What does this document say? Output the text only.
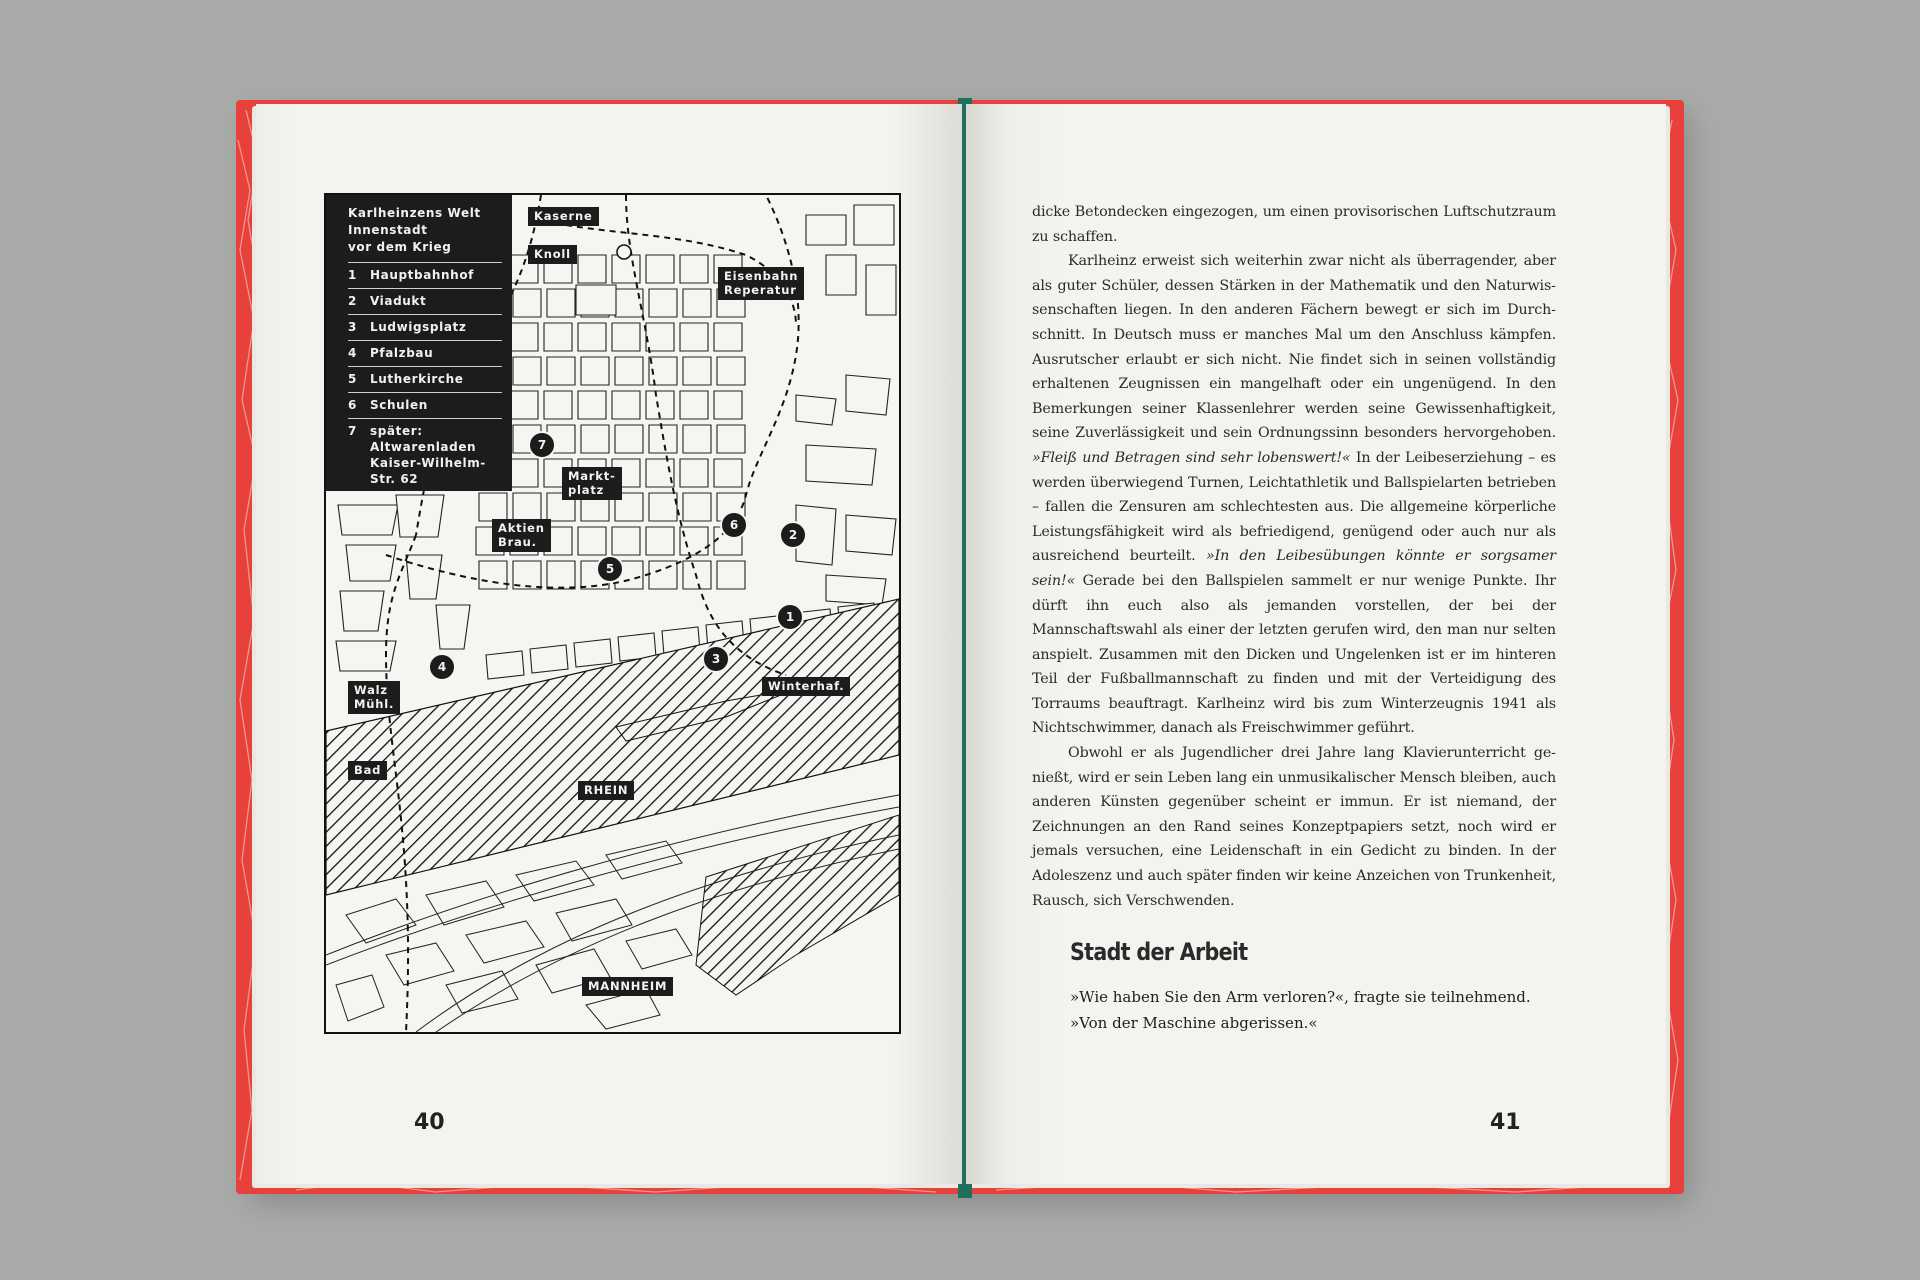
Karlheinzens Welt
Innenstadt
vor dem Krieg
1	Hauptbahnhof
2	Viadukt
3	Ludwigsplatz
4	Pfalzbau
5	Lutherkirche
6	Schulen
7	später:
Altwarenladen
Kaiser-Wilhelm-
Str. 62
Kaserne
Knoll
Eisenbahn
Reperatur
Markt-
platz
Aktien
Brau.
Walz
Mühl.
Winterhaf.
Bad
RHEIN
MANNHEIM
1
2
3
4
5
6
7
40	41

dicke Betondecken eingezogen, um einen provisorischen Luftschutzraum zu schaffen.

Karlheinz erweist sich weiterhin zwar nicht als überragender, aber als guter Schüler, dessen Stärken in der Mathematik und den Naturwissenschaften liegen. In den anderen Fächern bewegt er sich im Durchschnitt. In Deutsch muss er manches Mal um den Anschluss kämpfen. Ausrutscher erlaubt er sich nicht. Nie findet sich in seinen vollständig erhaltenen Zeugnissen ein mangelhaft oder ein ungenügend. In den Bemerkungen seiner Klassenlehrer werden seine Gewissenhaftigkeit, seine Zuverlässigkeit und sein Ordnungssinn besonders hervorgehoben. »Fleiß und Betragen sind sehr lobenswert!« In der Leibeserziehung – es werden überwiegend Turnen, Leichtathletik und Ballspielarten betrieben – fallen die Zensuren am schlechtesten aus. Die allgemeine körperliche Leistungsfähigkeit wird als befriedigend, genügend oder auch nur als ausreichend beurteilt. »In den Leibesübungen könnte er sorgsamer sein!« Gerade bei den Ballspielen sammelt er nur wenige Punkte. Ihr dürft ihn euch also als jemanden vorstellen, der bei der Mannschaftswahl als einer der letzten gerufen wird, den man nur selten anspielt. Zusammen mit den Dicken und Ungelenken ist er im hinteren Teil der Fußballmannschaft zu finden und mit der Verteidigung des Torraums beauftragt. Karlheinz wird bis zum Winterzeugnis 1941 als Nichtschwimmer, danach als Freischwimmer geführt.

Obwohl er als Jugendlicher drei Jahre lang Klavierunterricht genießt, wird er sein Leben lang ein unmusikalischer Mensch bleiben, auch anderen Künsten gegenüber scheint er immun. Er ist niemand, der Zeichnungen an den Rand seines Konzeptpapiers setzt, noch wird er jemals versuchen, eine Leidenschaft in ein Gedicht zu binden. In der Adoleszenz und auch später finden wir keine Anzeichen von Trunkenheit, Rausch, sich Verschwenden.

Stadt der Arbeit
»Wie haben Sie den Arm verloren?«, fragte sie teilnehmend.
»Von der Maschine abgerissen.«
